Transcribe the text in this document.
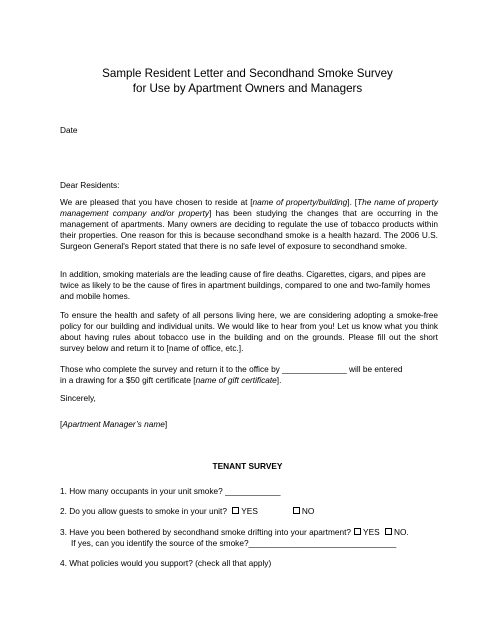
Sample Resident Letter and Secondhand Smoke Survey
for Use by Apartment Owners and Managers

Date

Dear Residents:

We are pleased that you have chosen to reside at [name of property/building]. [The name of property management company and/or property] has been studying the changes that are occurring in the management of apartments. Many owners are deciding to regulate the use of tobacco products within their properties. One reason for this is because secondhand smoke is a health hazard. The 2006 U.S. Surgeon General's Report stated that there is no safe level of exposure to secondhand smoke.

In addition, smoking materials are the leading cause of fire deaths. Cigarettes, cigars, and pipes are twice as likely to be the cause of fires in apartment buildings, compared to one and two-family homes and mobile homes.

To ensure the health and safety of all persons living here, we are considering adopting a smoke-free policy for our building and individual units. We would like to hear from you! Let us know what you think about having rules about tobacco use in the building and on the grounds. Please fill out the short survey below and return it to [name of office, etc.].

Those who complete the survey and return it to the office by ______________ will be entered
in a drawing for a $50 gift certificate [name of gift certificate].

Sincerely,

[Apartment Manager’s name]

TENANT SURVEY

1. How many occupants in your unit smoke? ____________

2. Do you allow guests to smoke in your unit? YES	NO

3. Have you been bothered by secondhand smoke drifting into your apartment? YES NO.

If yes, can you identify the source of the smoke?________________________________

4. What policies would you support? (check all that apply)
